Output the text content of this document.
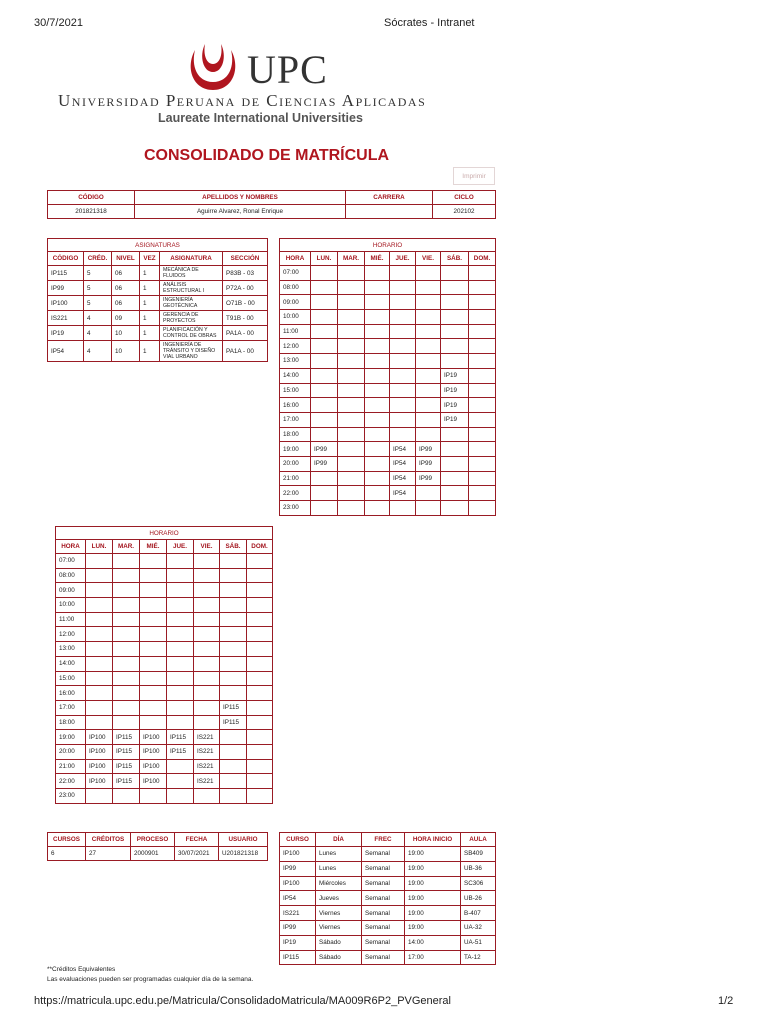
30/7/2021	Sócrates - Intranet
UPC
Universidad Peruana de Ciencias Aplicadas
Laureate International Universities
CONSOLIDADO DE MATRÍCULA
Imprimir
CÓDIGO	APELLIDOS Y NOMBRES	CARRERA	CICLO
201821318	Aguirre Alvarez, Ronal Enrique		202102
ASIGNATURAS					
CÓDIGO	CRÉD.	NIVEL	VEZ	ASIGNATURA	SECCIÓN
IP115	5	06	1	MECÁNICA DE FLUIDOS	P83B - 03
IP99	5	06	1	ANÁLISIS ESTRUCTURAL I	P72A - 00
IP100	5	06	1	INGENIERÍA GEOTÉCNICA	O71B - 00
IS221	4	09	1	GERENCIA DE PROYECTOS	T91B - 00
IP19	4	10	1	PLANIFICACIÓN Y CONTROL DE OBRAS	PA1A - 00
IP54	4	10	1	INGENIERÍA DE TRÁNSITO Y DISEÑO VIAL URBANO	PA1A - 00
HORARIO							
HORA	LUN.	MAR.	MIÉ.	JUE.	VIE.	SÁB.	DOM.
07:00							
08:00							
09:00							
10:00							
11:00							
12:00							
13:00							
14:00						IP19	
15:00						IP19	
16:00						IP19	
17:00						IP19	
18:00							
19:00	IP99			IP54	IP99		
20:00	IP99			IP54	IP99		
21:00				IP54	IP99		
22:00				IP54			
23:00							
HORARIO							
HORA	LUN.	MAR.	MIÉ.	JUE.	VIE.	SÁB.	DOM.
07:00							
08:00							
09:00							
10:00							
11:00							
12:00							
13:00							
14:00							
15:00							
16:00							
17:00						IP115	
18:00						IP115	
19:00	IP100	IP115	IP100	IP115	IS221		
20:00	IP100	IP115	IP100	IP115	IS221		
21:00	IP100	IP115	IP100		IS221		
22:00	IP100	IP115	IP100		IS221		
23:00							
CURSOS	CRÉDITOS	PROCESO	FECHA	USUARIO
6	27	2000901	30/07/2021	U201821318
CURSO	DÍA	FREC	HORA INICIO	AULA
IP100	Lunes	Semanal	19:00	SB409
IP99	Lunes	Semanal	19:00	UB-36
IP100	Miércoles	Semanal	19:00	SC306
IP54	Jueves	Semanal	19:00	UB-26
IS221	Viernes	Semanal	19:00	B-407
IP99	Viernes	Semanal	19:00	UA-32
IP19	Sábado	Semanal	14:00	UA-51
IP115	Sábado	Semanal	17:00	TA-12
**Créditos Equivalentes
Las evaluaciones pueden ser programadas cualquier día de la semana.
https://matricula.upc.edu.pe/Matricula/ConsolidadoMatricula/MA009R6P2_PVGeneral	1/2
